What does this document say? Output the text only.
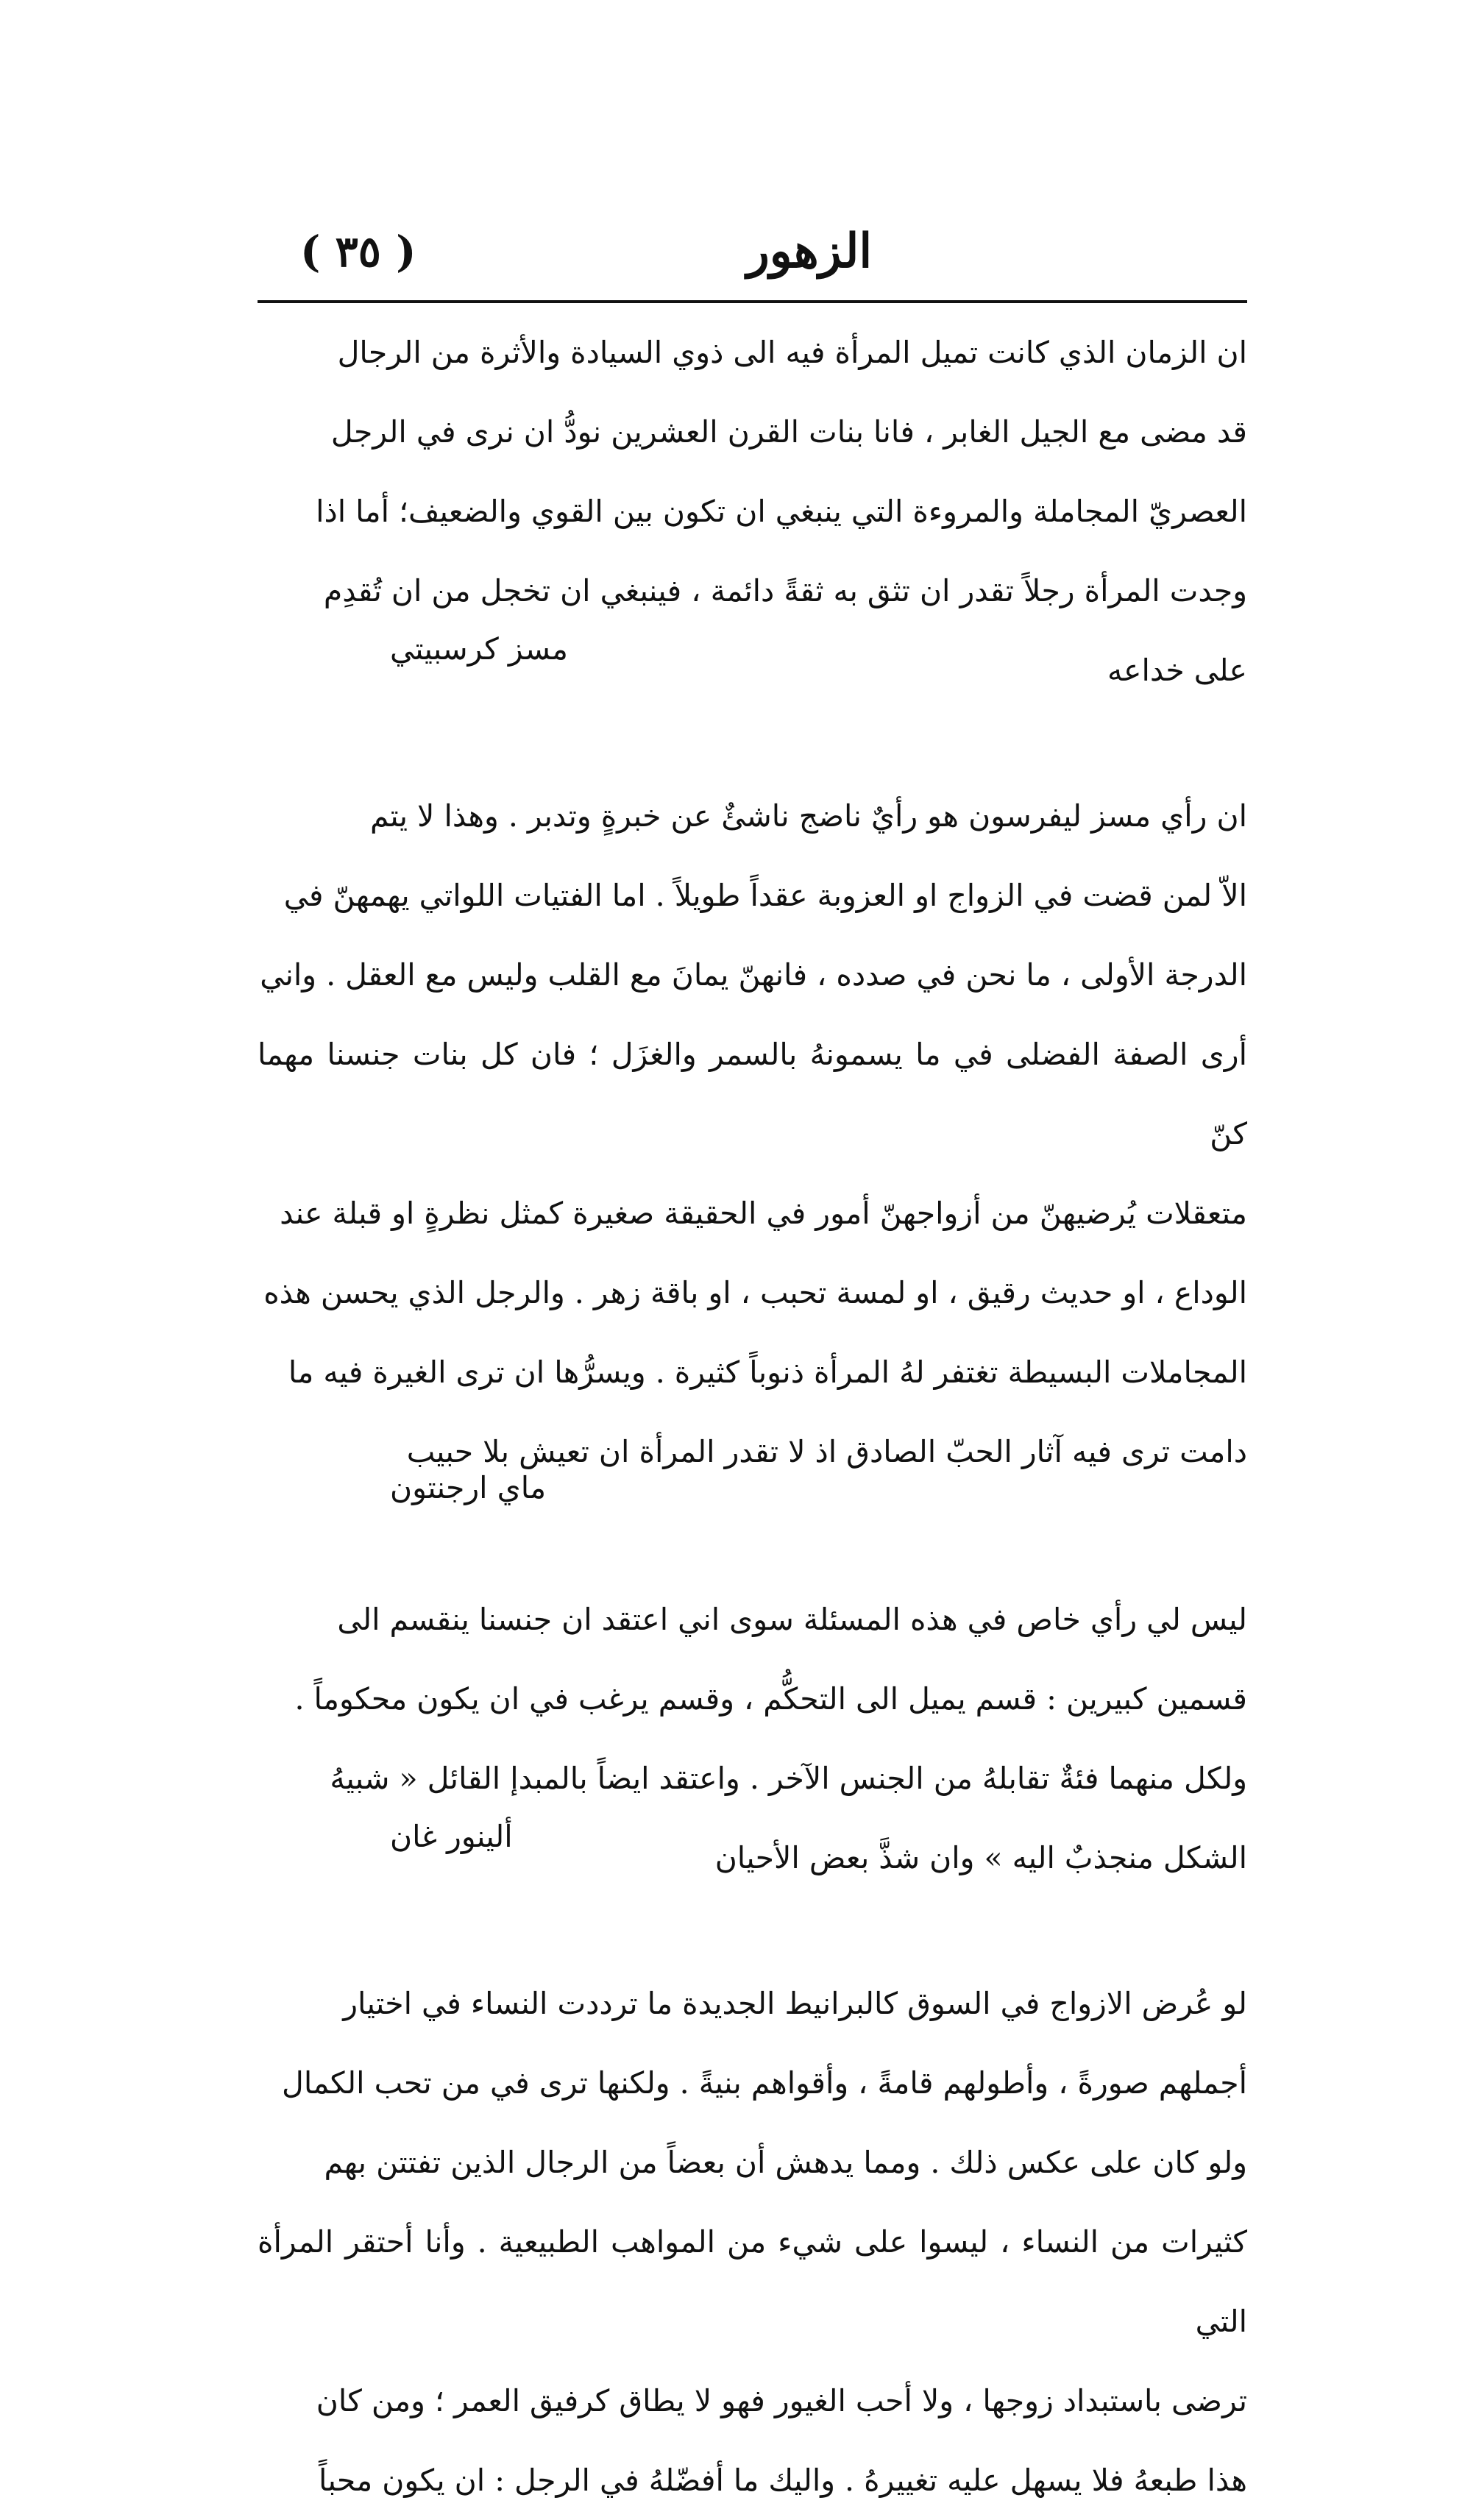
( ٣٥ )	الزهور

ان الزمان الذي كانت تميل المرأة فيه الى ذوي السيادة والأثرة من الرجال

قد مضى مع الجيل الغابر ، فانا بنات القرن العشرين نودُّ ان نرى في الرجل

العصريّ المجاملة والمروءة التي ينبغي ان تكون بين القوي والضعيف؛ أما اذا

وجدت المرأة رجلاً تقدر ان تثق به ثقةً دائمة ، فينبغي ان تخجل من ان تُقدِم

على خداعه

مسز كرسبيتي

ان رأي مسز ليفرسون هو رأيٌ ناضج ناشئٌ عن خبرةٍ وتدبر . وهذا لا يتم

الاّ لمن قضت في الزواج او العزوبة عقداً طويلاً . اما الفتيات اللواتي يهمهنّ في

الدرجة الأولى ، ما نحن في صدده ، فانهنّ يمانَ مع القلب وليس مع العقل . واني

أرى الصفة الفضلى في ما يسمونهُ بالسمر والغزَل ؛ فان كل بنات جنسنا مهما كنّ

متعقلات يُرضيهنّ من أزواجهنّ أمور في الحقيقة صغيرة كمثل نظرةٍ او قبلة عند

الوداع ، او حديث رقيق ، او لمسة تحبب ، او باقة زهر . والرجل الذي يحسن هذه

المجاملات البسيطة تغتفر لهُ المرأة ذنوباً كثيرة . ويسرُّها ان ترى الغيرة فيه ما

دامت ترى فيه آثار الحبّ الصادق اذ لا تقدر المرأة ان تعيش بلا حبيب

ماي ارجنتون

ليس لي رأي خاص في هذه المسئلة سوى اني اعتقد ان جنسنا ينقسم الى

قسمين كبيرين : قسم يميل الى التحكُّم ، وقسم يرغب في ان يكون محكوماً .

ولكل منهما فئةٌ تقابلهُ من الجنس الآخر . واعتقد ايضاً بالمبدإ القائل « شبيهُ

الشكل منجذبٌ اليه » وان شذَّ بعض الأحيان

ألينور غان

لو عُرض الازواج في السوق كالبرانيط الجديدة ما ترددت النساء في اختيار

أجملهم صورةً ، وأطولهم قامةً ، وأقواهم بنيةً . ولكنها ترى في من تحب الكمال

ولو كان على عكس ذلك . ومما يدهش أن بعضاً من الرجال الذين تفتتن بهم

كثيرات من النساء ، ليسوا على شيء من المواهب الطبيعية . وأنا أحتقر المرأة التي

ترضى باستبداد زوجها ، ولا أحب الغيور فهو لا يطاق كرفيق العمر ؛ ومن كان

هذا طبعهُ فلا يسهل عليه تغييرهُ . واليك ما أفضّلهُ في الرجل : ان يكون محباً
